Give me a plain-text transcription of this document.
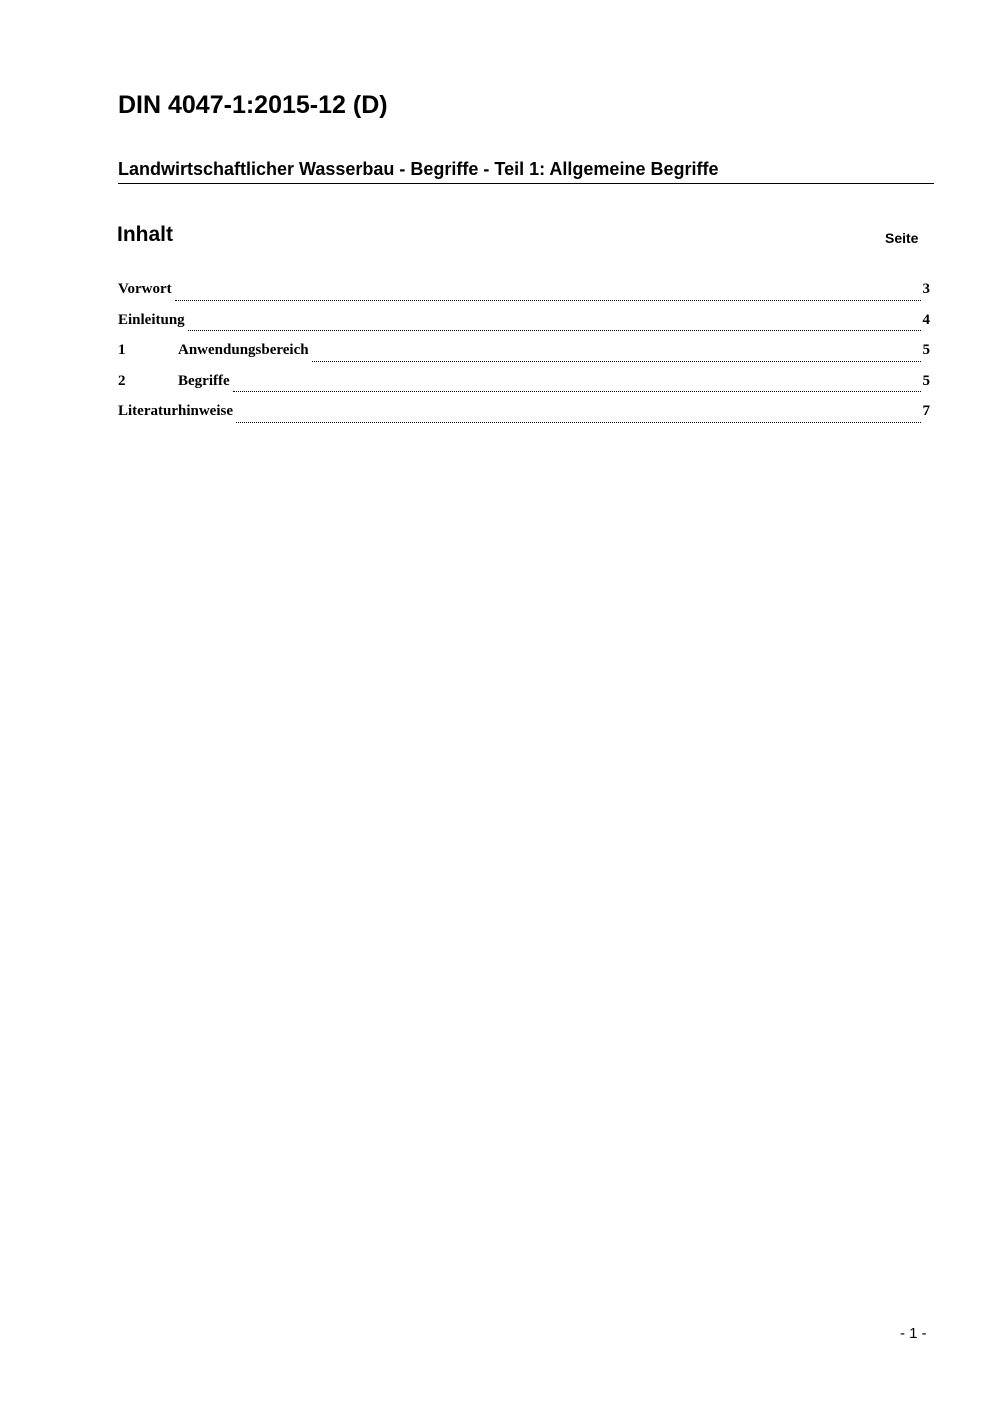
DIN 4047-1:2015-12 (D)
Landwirtschaftlicher Wasserbau - Begriffe - Teil 1: Allgemeine Begriffe
Inhalt	Seite
Vorwort	3
Einleitung	4
1	Anwendungsbereich	5
2	Begriffe	5
Literaturhinweise	7
- 1 -
